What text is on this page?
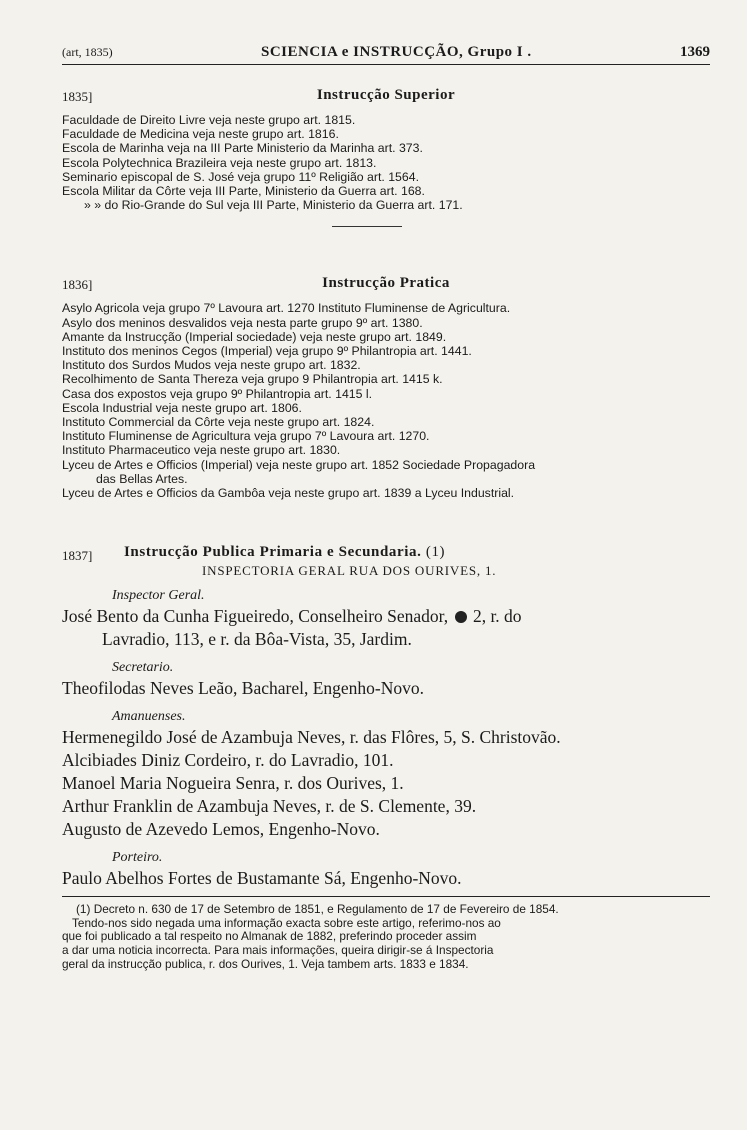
(art, 1835)	SCIENCIA e INSTRUCÇÃO, Grupo I .	1369
1835]	Instrucção Superior
Faculdade de Direito Livre veja neste grupo art. 1815.
Faculdade de Medicina veja neste grupo art. 1816.
Escola de Marinha veja na III Parte Ministerio da Marinha art. 373.
Escola Polytechnica Brazileira veja neste grupo art. 1813.
Seminario episcopal de S. José veja grupo 11º Religião art. 1564.
Escola Militar da Côrte veja III Parte, Ministerio da Guerra art. 168.
» » do Rio-Grande do Sul veja III Parte, Ministerio da Guerra art. 171.
1836]	Instrucção Pratica
Asylo Agricola veja grupo 7º Lavoura art. 1270 Instituto Fluminense de Agricultura.
Asylo dos meninos desvalidos veja nesta parte grupo 9º art. 1380.
Amante da Instrucção (Imperial sociedade) veja neste grupo art. 1849.
Instituto dos meninos Cegos (Imperial) veja grupo 9º Philantropia art. 1441.
Instituto dos Surdos Mudos veja neste grupo art. 1832.
Recolhimento de Santa Thereza veja grupo 9 Philantropia art. 1415 k.
Casa dos expostos veja grupo 9º Philantropia art. 1415 l.
Escola Industrial veja neste grupo art. 1806.
Instituto Commercial da Côrte veja neste grupo art. 1824.
Instituto Fluminense de Agricultura veja grupo 7º Lavoura art. 1270.
Instituto Pharmaceutico veja neste grupo art. 1830.
Lyceu de Artes e Officios (Imperial) veja neste grupo art. 1852 Sociedade Propagadora
das Bellas Artes.
Lyceu de Artes e Officios da Gambôa veja neste grupo art. 1839 a Lyceu Industrial.
1837]	Instrucção Publica Primaria e Secundaria. (1)
INSPECTORIA GERAL RUA DOS OURIVES, 1.
Inspector Geral.
José Bento da Cunha Figueiredo, Conselheiro Senador, 2, r. do
Lavradio, 113, e r. da Bôa-Vista, 35, Jardim.
Secretario.
Theofilodas Neves Leão, Bacharel, Engenho-Novo.
Amanuenses.
Hermenegildo José de Azambuja Neves, r. das Flôres, 5, S. Christovão.
Alcibiades Diniz Cordeiro, r. do Lavradio, 101.
Manoel Maria Nogueira Senra, r. dos Ourives, 1.
Arthur Franklin de Azambuja Neves, r. de S. Clemente, 39.
Augusto de Azevedo Lemos, Engenho-Novo.
Porteiro.
Paulo Abelhos Fortes de Bustamante Sá, Engenho-Novo.
(1) Decreto n. 630 de 17 de Setembro de 1851, e Regulamento de 17 de Fevereiro de 1854.
Tendo-nos sido negada uma informação exacta sobre este artigo, referimo-nos ao
que foi publicado a tal respeito no Almanak de 1882, preferindo proceder assim
a dar uma noticia incorrecta. Para mais informações, queira dirigir-se á Inspectoria
geral da instrucção publica, r. dos Ourives, 1. Veja tambem arts. 1833 e 1834.
